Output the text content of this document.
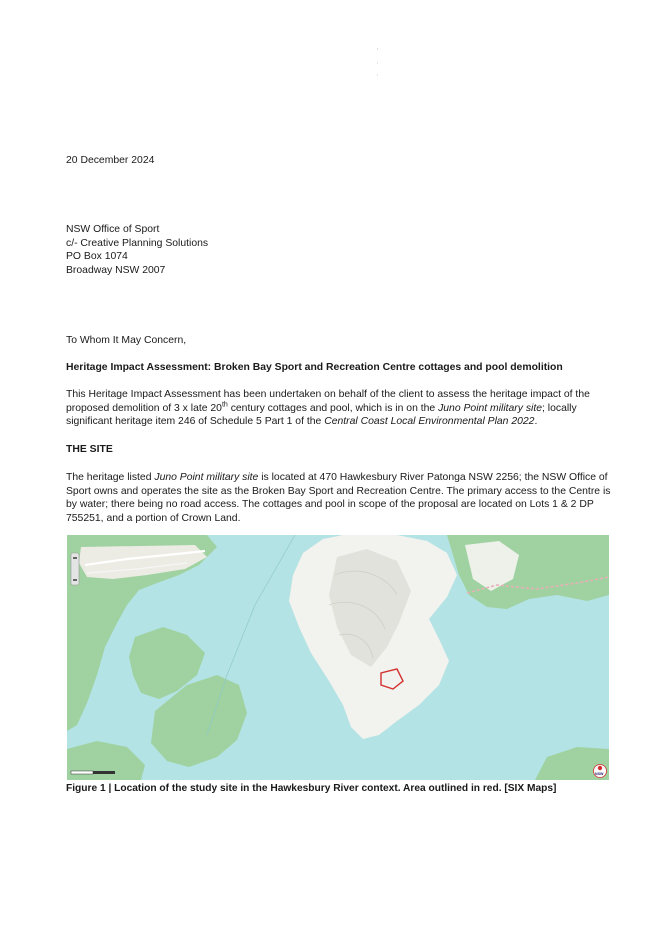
20 December 2024
NSW Office of Sport
c/- Creative Planning Solutions
PO Box 1074
Broadway NSW 2007
To Whom It May Concern,
Heritage Impact Assessment: Broken Bay Sport and Recreation Centre cottages and pool demolition
This Heritage Impact Assessment has been undertaken on behalf of the client to assess the heritage impact of the proposed demolition of 3 x late 20th century cottages and pool, which is in on the Juno Point military site; locally significant heritage item 246 of Schedule 5 Part 1 of the Central Coast Local Environmental Plan 2022.
THE SITE
The heritage listed Juno Point military site is located at 470 Hawkesbury River Patonga NSW 2256; the NSW Office of Sport owns and operates the site as the Broken Bay Sport and Recreation Centre. The primary access to the Centre is by water; there being no road access. The cottages and pool in scope of the proposal are located on Lots 1 & 2 DP 755251, and a portion of Crown Land.
NSW
Figure 1 | Location of the study site in the Hawkesbury River context. Area outlined in red. [SIX Maps]
